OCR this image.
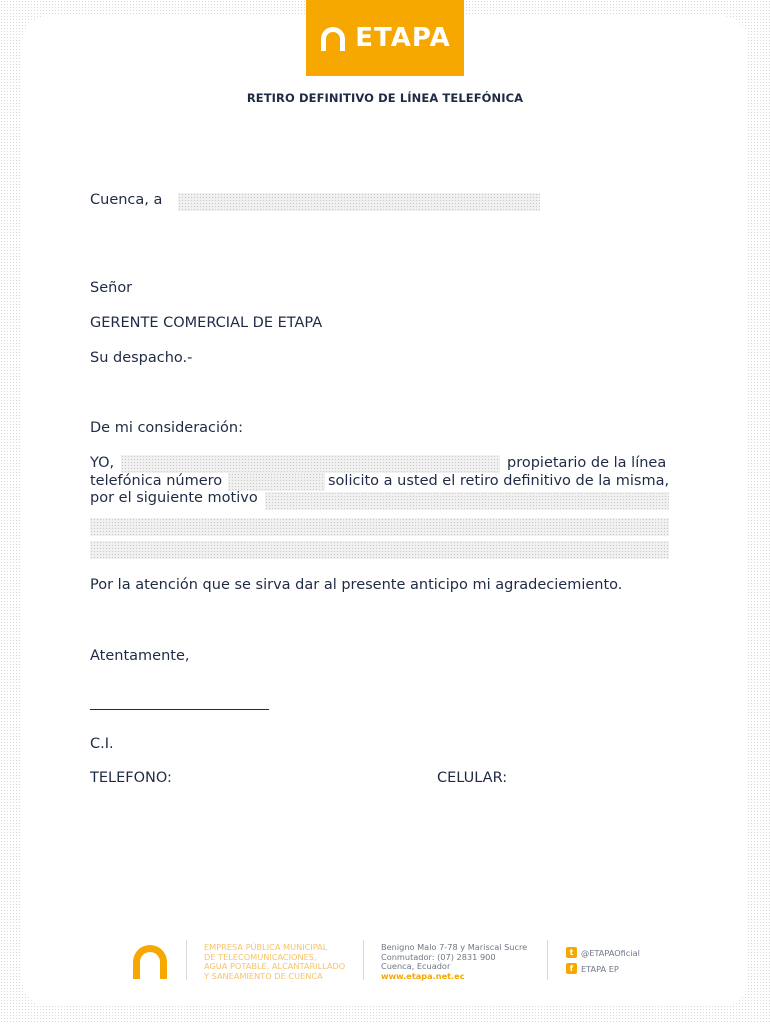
ETAPA
RETIRO DEFINITIVO DE LÍNEA TELEFÓNICA
Cuenca, a
Señor
GERENTE COMERCIAL DE ETAPA
Su despacho.-
De mi consideración:
YO,	propietario de la línea
telefónica número	solicito a usted el retiro definitivo de la misma,
por el siguiente motivo
Por la atención que se sirva dar al presente anticipo mi agradeciemiento.
Atentamente,
C.I.
TELEFONO:	CELULAR:
EMPRESA PÚBLICA MUNICIPAL
DE TELECOMUNICACIONES,
AGUA POTABLE, ALCANTARILLADO
Y SANEAMIENTO DE CUENCA
Benigno Malo 7-78 y Mariscal Sucre
Conmutador: (07) 2831 900
Cuenca, Ecuador
www.etapa.net.ec
t @ETAPAOficial
f ETAPA EP
